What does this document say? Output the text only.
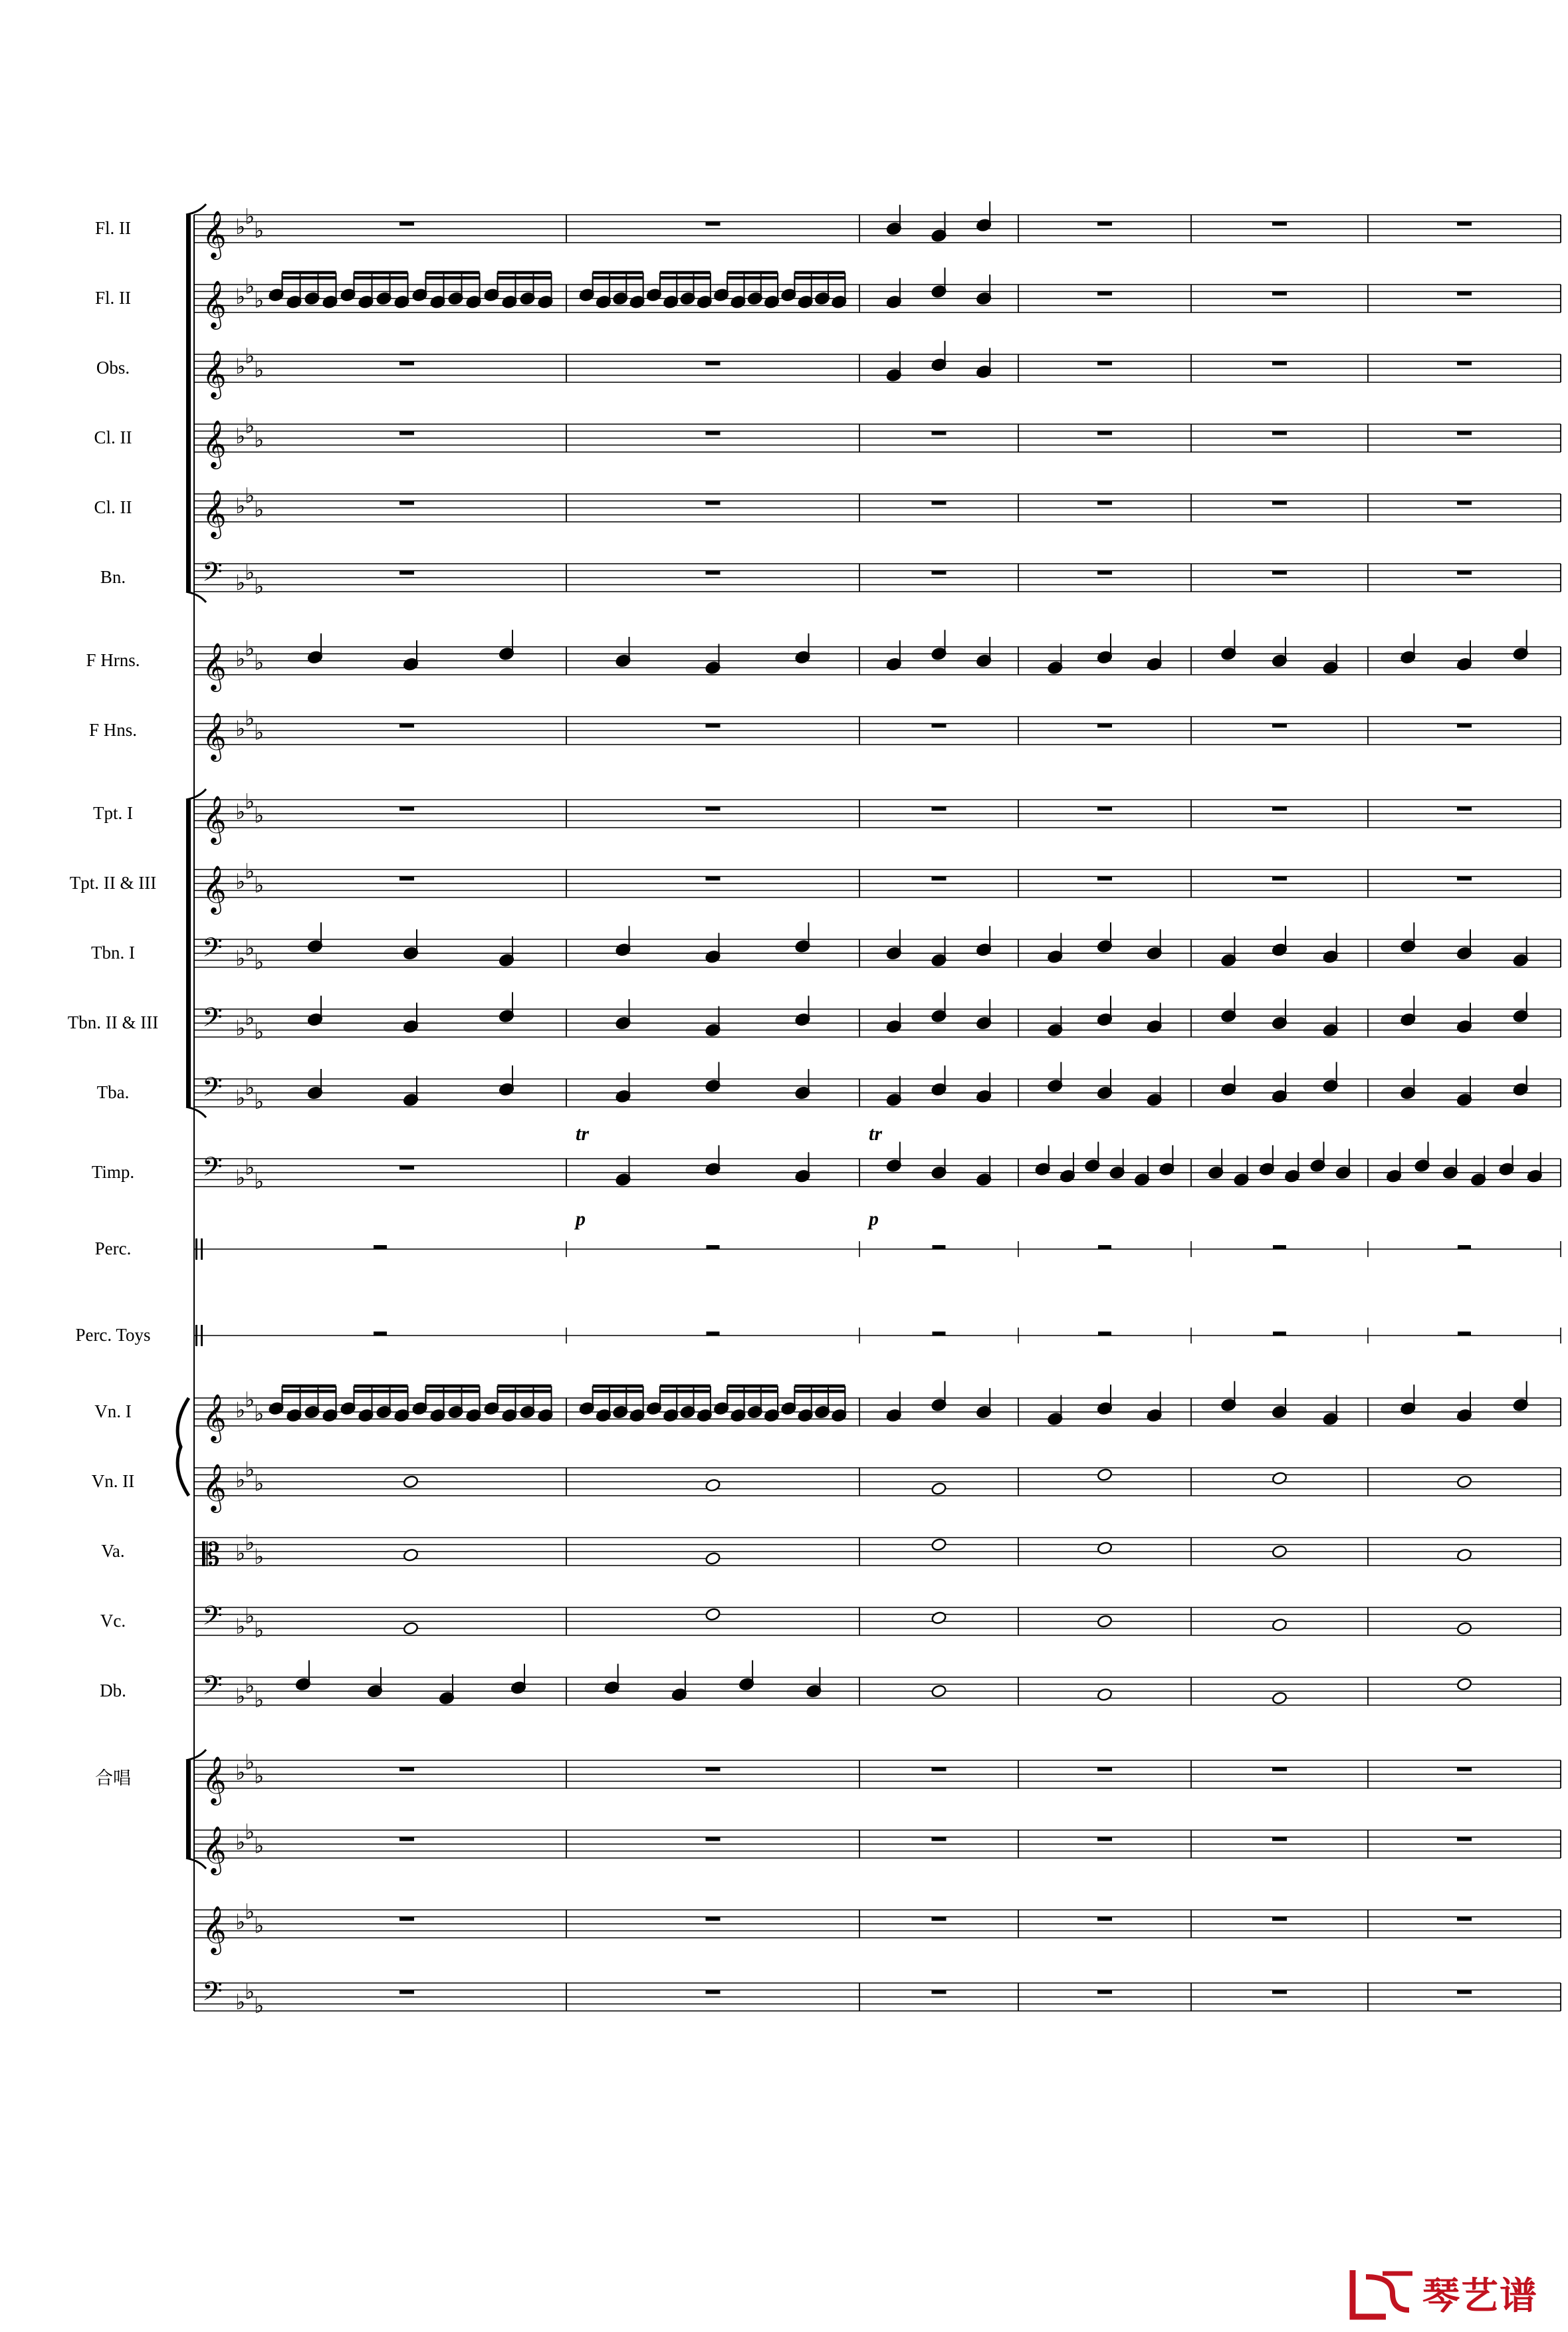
Fl. II
Fl. II
Obs.
Cl. II
Cl. II
Bn.
F Hrns.
F Hns.
Tpt. I
Tpt. II & III
Tbn. I
Tbn. II & III
Tba.
Timp.
Perc.
Perc. Toys
Vn. I
Vn. II
Va.
Vc.
Db.
合唱
𝄞 ♭
♭
♭
𝄞 ♭
♭
♭
𝄞 ♭
♭
♭
𝄞 ♭
♭
♭
𝄞 ♭
♭
♭
𝄢 ♭
♭
♭
𝄞 ♭
♭
♭
𝄞 ♭
♭
♭
𝄞 ♭
♭
♭
𝄞 ♭
♭
♭
𝄢 ♭
♭
♭
𝄢 ♭
♭
♭
𝄢 ♭
♭
♭
𝄢 ♭
♭
♭
𝄞 ♭
♭
♭
𝄞 ♭
♭
♭
𝄡 ♭
♭
♭
𝄢 ♭
♭
♭
𝄢 ♭
♭
♭
𝄞 ♭
♭
♭
𝄞 ♭
♭
♭
𝄞 ♭
♭
♭
𝄢 ♭
♭
♭
p	p
tr	tr
琴艺谱
